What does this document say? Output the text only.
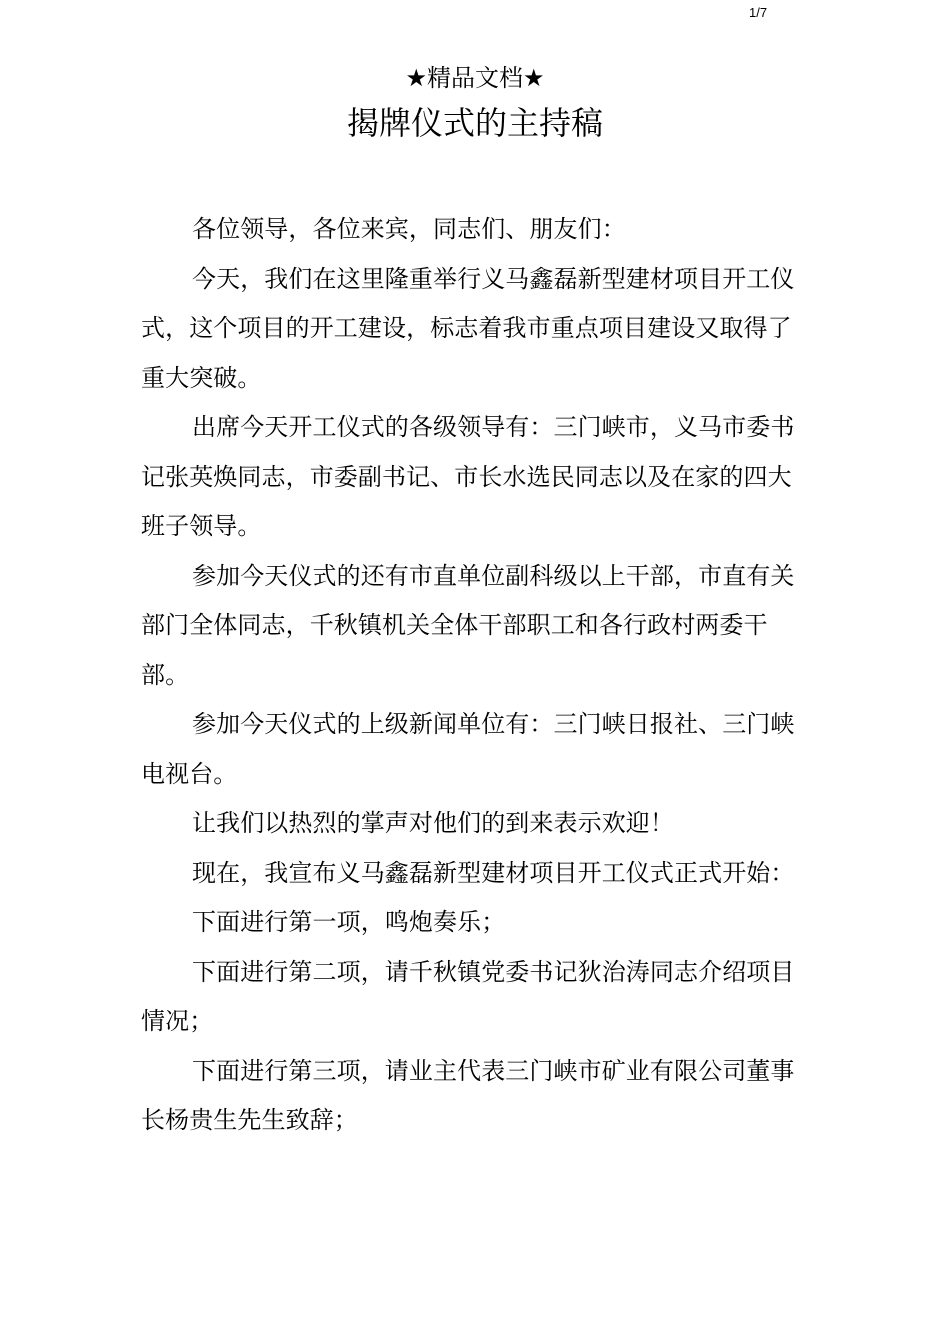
1/7
★精品文档★
揭牌仪式的主持稿

各位领导，各位来宾，同志们、朋友们：

今天，我们在这里隆重举行义马鑫磊新型建材项目开工仪式，这个项目的开工建设，标志着我市重点项目建设又取得了重大突破。

出席今天开工仪式的各级领导有：三门峡市，义马市委书记张英焕同志，市委副书记、市长水选民同志以及在家的四大班子领导。

参加今天仪式的还有市直单位副科级以上干部，市直有关部门全体同志，千秋镇机关全体干部职工和各行政村两委干部。

参加今天仪式的上级新闻单位有：三门峡日报社、三门峡电视台。

让我们以热烈的掌声对他们的到来表示欢迎！

现在，我宣布义马鑫磊新型建材项目开工仪式正式开始：

下面进行第一项，鸣炮奏乐；

下面进行第二项，请千秋镇党委书记狄治涛同志介绍项目情况；

下面进行第三项，请业主代表三门峡市矿业有限公司董事长杨贵生先生致辞；
